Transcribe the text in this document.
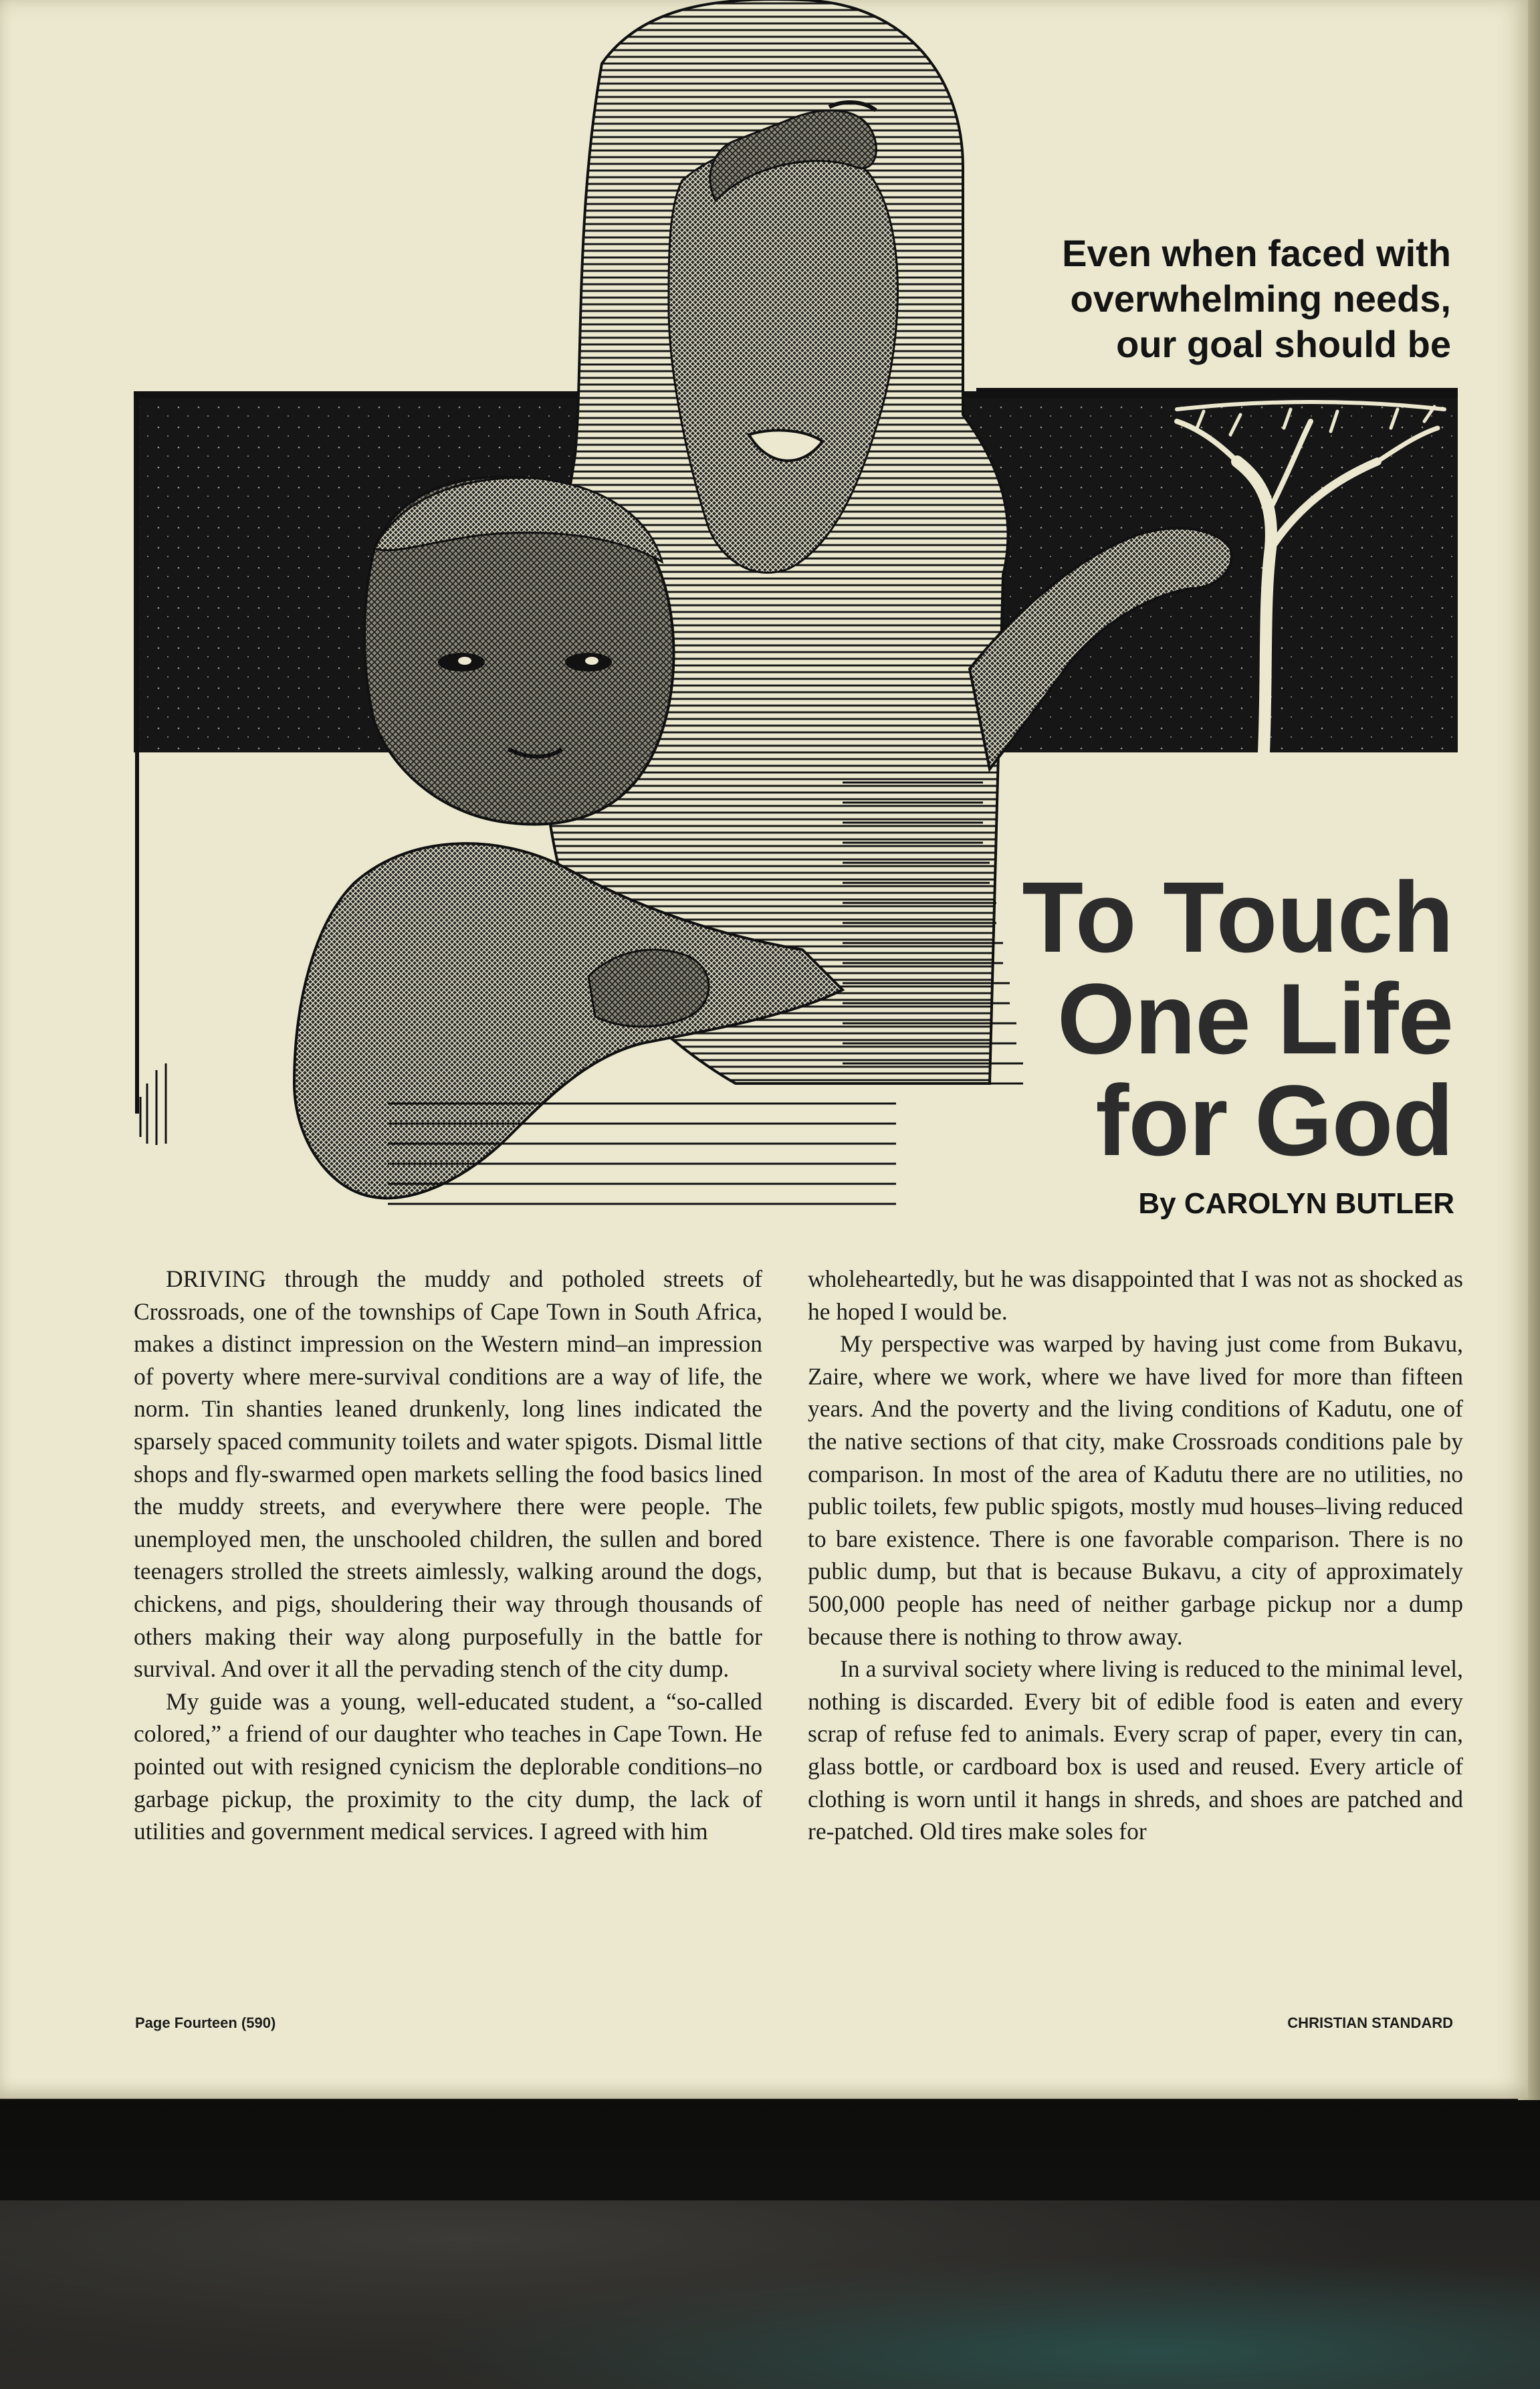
Even when faced with
overwhelming needs,
our goal should be
To Touch
One Life
for God
By CAROLYN BUTLER

DRIVING through the muddy and potholed streets of Crossroads, one of the townships of Cape Town in South Africa, makes a distinct impression on the Western mind–an impression of poverty where mere-survival conditions are a way of life, the norm. Tin shanties leaned drunkenly, long lines indicated the sparsely spaced community toilets and water spigots. Dismal little shops and fly-swarmed open markets selling the food basics lined the muddy streets, and everywhere there were people. The unemployed men, the unschooled children, the sullen and bored teenagers strolled the streets aimlessly, walking around the dogs, chickens, and pigs, shouldering their way through thousands of others making their way along purposefully in the battle for survival. And over it all the pervading stench of the city dump.

My guide was a young, well-educated student, a “so-called colored,” a friend of our daughter who teaches in Cape Town. He pointed out with resigned cynicism the deplorable conditions–no garbage pickup, the proximity to the city dump, the lack of utilities and government medical services. I agreed with him

wholeheartedly, but he was disappointed that I was not as shocked as he hoped I would be.

My perspective was warped by having just come from Bukavu, Zaire, where we work, where we have lived for more than fifteen years. And the poverty and the living conditions of Kadutu, one of the native sections of that city, make Crossroads conditions pale by comparison. In most of the area of Kadutu there are no utilities, no public toilets, few public spigots, mostly mud houses–living reduced to bare existence. There is one favorable comparison. There is no public dump, but that is because Bukavu, a city of approximately 500,000 people has need of neither garbage pickup nor a dump because there is nothing to throw away.

In a survival society where living is reduced to the minimal level, nothing is discarded. Every bit of edible food is eaten and every scrap of refuse fed to animals. Every scrap of paper, every tin can, glass bottle, or cardboard box is used and reused. Every article of clothing is worn until it hangs in shreds, and shoes are patched and re-patched. Old tires make soles for

Page Fourteen (590)	CHRISTIAN STANDARD
